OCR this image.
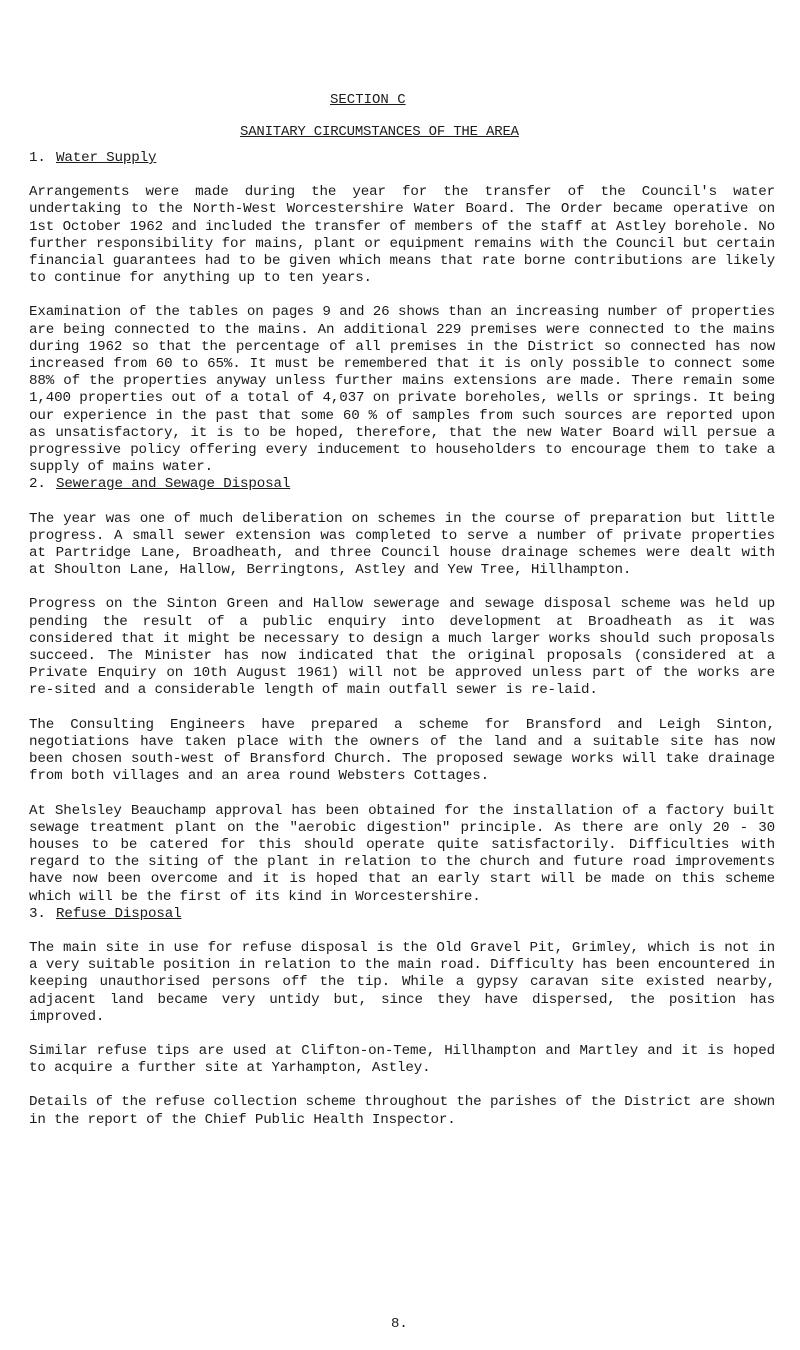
SECTION C
SANITARY CIRCUMSTANCES OF THE AREA
1. Water Supply

Arrangements were made during the year for the transfer of the Council's water undertaking to the North-West Worcestershire Water Board. The Order became operative on 1st October 1962 and included the transfer of members of the staff at Astley borehole. No further responsibility for mains, plant or equipment remains with the Council but certain financial guarantees had to be given which means that rate borne contributions are likely to continue for anything up to ten years.

Examination of the tables on pages 9 and 26 shows than an increasing number of properties are being connected to the mains. An additional 229 premises were connected to the mains during 1962 so that the percentage of all premises in the District so connected has now increased from 60 to 65%. It must be remembered that it is only possible to connect some 88% of the properties anyway unless further mains extensions are made. There remain some 1,400 properties out of a total of 4,037 on private boreholes, wells or springs. It being our experience in the past that some 60 % of samples from such sources are reported upon as unsatisfactory, it is to be hoped, therefore, that the new Water Board will persue a progressive policy offering every inducement to householders to encourage them to take a supply of mains water.

2. Sewerage and Sewage Disposal

The year was one of much deliberation on schemes in the course of preparation but little progress. A small sewer extension was completed to serve a number of private properties at Partridge Lane, Broadheath, and three Council house drainage schemes were dealt with at Shoulton Lane, Hallow, Berringtons, Astley and Yew Tree, Hillhampton.

Progress on the Sinton Green and Hallow sewerage and sewage disposal scheme was held up pending the result of a public enquiry into development at Broadheath as it was considered that it might be necessary to design a much larger works should such proposals succeed. The Minister has now indicated that the original proposals (considered at a Private Enquiry on 10th August 1961) will not be approved unless part of the works are re-sited and a considerable length of main outfall sewer is re-laid.

The Consulting Engineers have prepared a scheme for Bransford and Leigh Sinton, negotiations have taken place with the owners of the land and a suitable site has now been chosen south-west of Bransford Church. The proposed sewage works will take drainage from both villages and an area round Websters Cottages.

At Shelsley Beauchamp approval has been obtained for the installation of a factory built sewage treatment plant on the "aerobic digestion" principle. As there are only 20 - 30 houses to be catered for this should operate quite satisfactorily. Difficulties with regard to the siting of the plant in relation to the church and future road improvements have now been overcome and it is hoped that an early start will be made on this scheme which will be the first of its kind in Worcestershire.

3. Refuse Disposal

The main site in use for refuse disposal is the Old Gravel Pit, Grimley, which is not in a very suitable position in relation to the main road. Difficulty has been encountered in keeping unauthorised persons off the tip. While a gypsy caravan site existed nearby, adjacent land became very untidy but, since they have dispersed, the position has improved.

Similar refuse tips are used at Clifton-on-Teme, Hillhampton and Martley and it is hoped to acquire a further site at Yarhampton, Astley.

Details of the refuse collection scheme throughout the parishes of the District are shown in the report of the Chief Public Health Inspector.

8.
